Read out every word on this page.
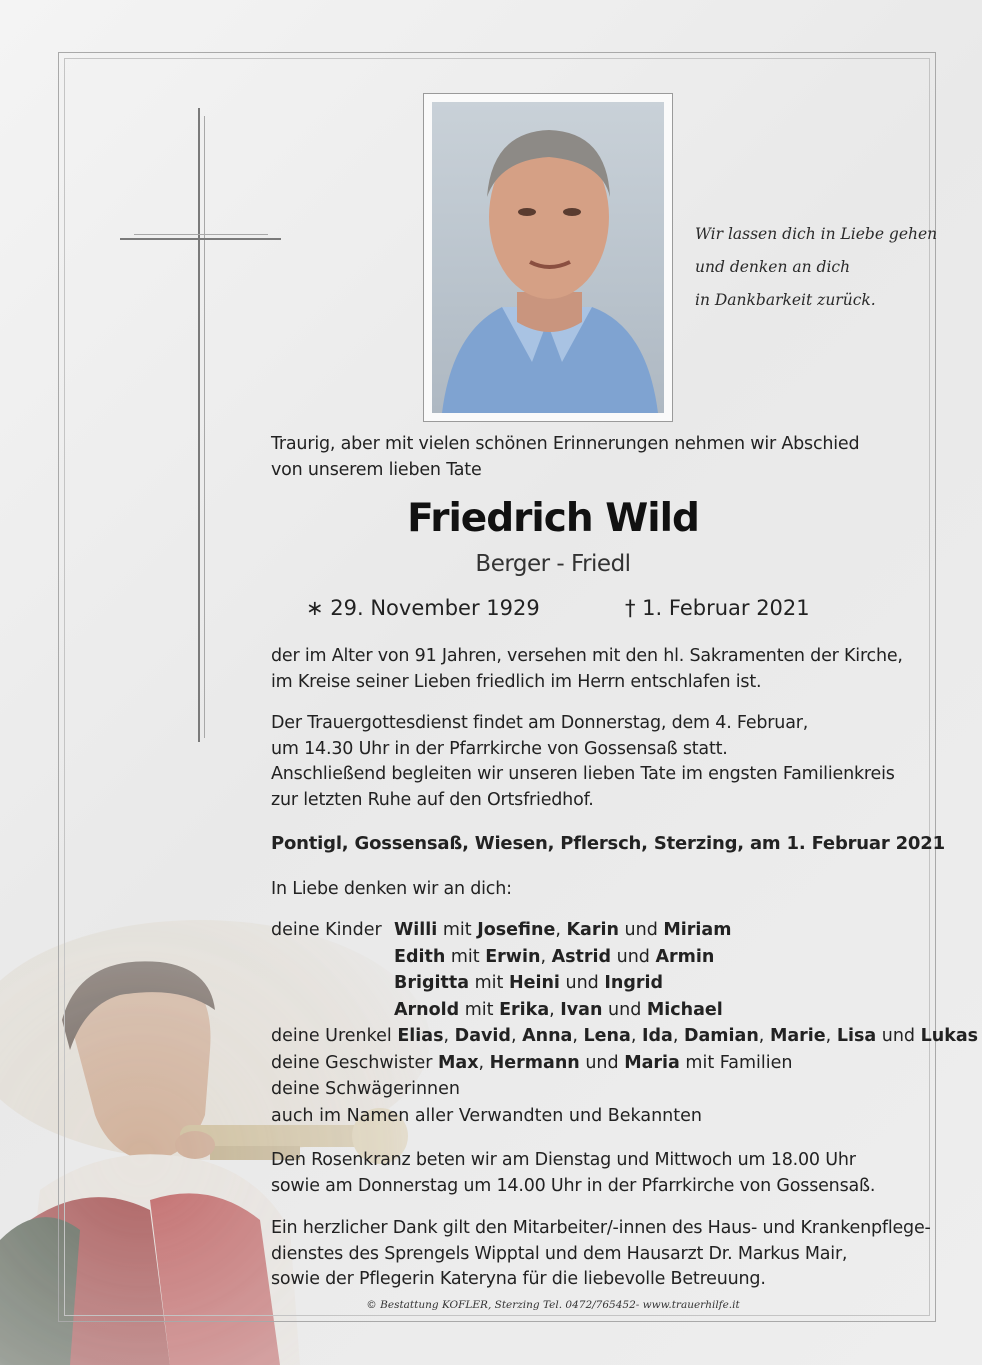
Wir lassen dich in Liebe gehen
und denken an dich
in Dankbarkeit zurück.
Traurig, aber mit vielen schönen Erinnerungen nehmen wir Abschied
von unserem lieben Tate
Friedrich Wild
Berger - Friedl
∗ 29. November 1929	† 1. Februar 2021
der im Alter von 91 Jahren, versehen mit den hl. Sakramenten der Kirche,
im Kreise seiner Lieben friedlich im Herrn entschlafen ist.
Der Trauergottesdienst findet am Donnerstag, dem 4. Februar,
um 14.30 Uhr in der Pfarrkirche von Gossensaß statt.
Anschließend begleiten wir unseren lieben Tate im engsten Familienkreis
zur letzten Ruhe auf den Ortsfriedhof.
Pontigl, Gossensaß, Wiesen, Pflersch, Sterzing, am 1. Februar 2021
In Liebe denken wir an dich:
deine Kinder Willi mit Josefine, Karin und Miriam
Edith mit Erwin, Astrid und Armin
Brigitta mit Heini und Ingrid
Arnold mit Erika, Ivan und Michael
deine Urenkel Elias, David, Anna, Lena, Ida, Damian, Marie, Lisa und Lukas
deine Geschwister Max, Hermann und Maria mit Familien
deine Schwägerinnen
auch im Namen aller Verwandten und Bekannten
Den Rosenkranz beten wir am Dienstag und Mittwoch um 18.00 Uhr
sowie am Donnerstag um 14.00 Uhr in der Pfarrkirche von Gossensaß.
Ein herzlicher Dank gilt den Mitarbeiter/-innen des Haus- und Krankenpflege-
dienstes des Sprengels Wipptal und dem Hausarzt Dr. Markus Mair,
sowie der Pflegerin Kateryna für die liebevolle Betreuung.
© Bestattung KOFLER, Sterzing Tel. 0472/765452- www.trauerhilfe.it
